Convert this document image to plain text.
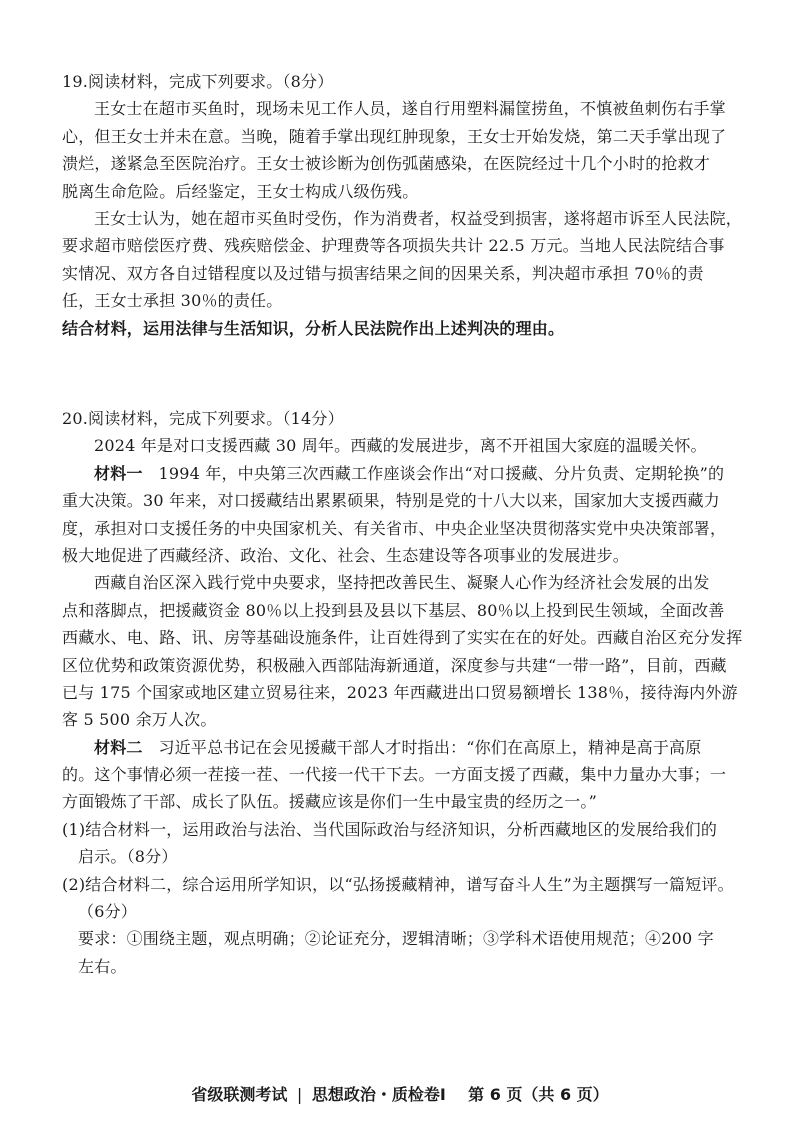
19.阅读材料，完成下列要求。（8分）
王女士在超市买鱼时，现场未见工作人员，遂自行用塑料漏筐捞鱼，不慎被鱼刺伤右手掌
心，但王女士并未在意。当晚，随着手掌出现红肿现象，王女士开始发烧，第二天手掌出现了
溃烂，遂紧急至医院治疗。王女士被诊断为创伤弧菌感染，在医院经过十几个小时的抢救才
脱离生命危险。后经鉴定，王女士构成八级伤残。
王女士认为，她在超市买鱼时受伤，作为消费者，权益受到损害，遂将超市诉至人民法院，
要求超市赔偿医疗费、残疾赔偿金、护理费等各项损失共计 22.5 万元。当地人民法院结合事
实情况、双方各自过错程度以及过错与损害结果之间的因果关系，判决超市承担 70％的责
任，王女士承担 30％的责任。
结合材料，运用法律与生活知识，分析人民法院作出上述判决的理由。
20.阅读材料，完成下列要求。（14分）
2024 年是对口支援西藏 30 周年。西藏的发展进步，离不开祖国大家庭的温暖关怀。
材料一 1994 年，中央第三次西藏工作座谈会作出“对口援藏、分片负责、定期轮换”的
重大决策。30 年来，对口援藏结出累累硕果，特别是党的十八大以来，国家加大支援西藏力
度，承担对口支援任务的中央国家机关、有关省市、中央企业坚决贯彻落实党中央决策部署，
极大地促进了西藏经济、政治、文化、社会、生态建设等各项事业的发展进步。
西藏自治区深入践行党中央要求，坚持把改善民生、凝聚人心作为经济社会发展的出发
点和落脚点，把援藏资金 80％以上投到县及县以下基层、80％以上投到民生领域，全面改善
西藏水、电、路、讯、房等基础设施条件，让百姓得到了实实在在的好处。西藏自治区充分发挥
区位优势和政策资源优势，积极融入西部陆海新通道，深度参与共建“一带一路”，目前，西藏
已与 175 个国家或地区建立贸易往来，2023 年西藏进出口贸易额增长 138％，接待海内外游
客 5 500 余万人次。
材料二 习近平总书记在会见援藏干部人才时指出：“你们在高原上，精神是高于高原
的。这个事情必须一茬接一茬、一代接一代干下去。一方面支援了西藏，集中力量办大事；一
方面锻炼了干部、成长了队伍。援藏应该是你们一生中最宝贵的经历之一。”
(1)结合材料一，运用政治与法治、当代国际政治与经济知识，分析西藏地区的发展给我们的
启示。（8分）
(2)结合材料二，综合运用所学知识，以“弘扬援藏精神，谱写奋斗人生”为主题撰写一篇短评。
（6分）
要求：①围绕主题，观点明确；②论证充分，逻辑清晰；③学科术语使用规范；④200 字
左右。
省级联测考试 | 思想政治・质检卷Ⅰ 第 6 页（共 6 页）
